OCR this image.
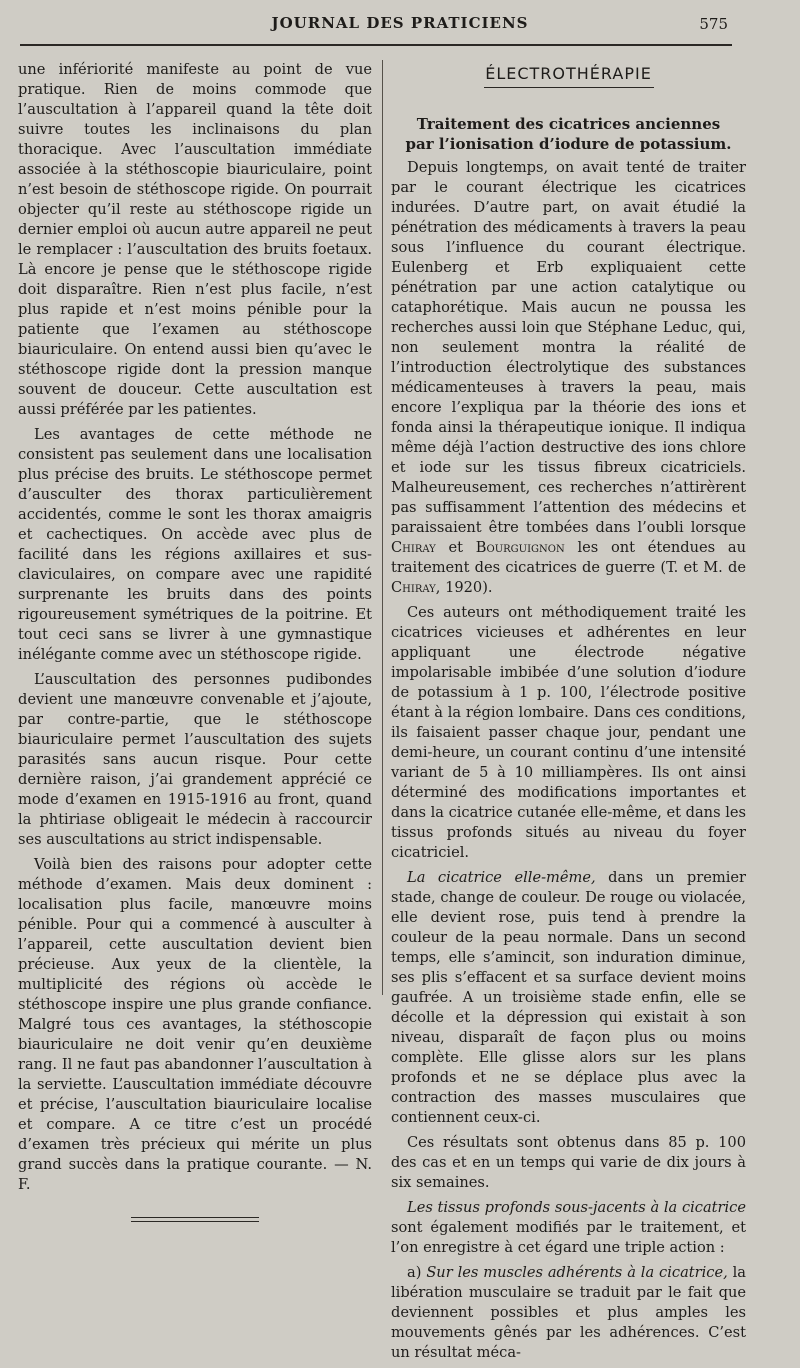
JOURNAL DES PRATICIENS	575

une infériorité manifeste au point de vue pratique. Rien de moins commode que l’auscultation à l’appareil quand la tête doit suivre toutes les inclinaisons du plan thoracique. Avec l’auscultation immédiate associée à la stéthoscopie biauriculaire, point n’est besoin de stéthoscope rigide. On pourrait objecter qu’il reste au stéthoscope rigide un dernier emploi où aucun autre appareil ne peut le remplacer : l’auscultation des bruits foetaux. Là encore je pense que le stéthoscope rigide doit disparaître. Rien n’est plus facile, n’est plus rapide et n’est moins pénible pour la patiente que l’examen au stéthoscope biauriculaire. On entend aussi bien qu’avec le stéthoscope rigide dont la pression manque souvent de douceur. Cette auscultation est aussi préférée par les patientes.

Les avantages de cette méthode ne consistent pas seulement dans une localisation plus précise des bruits. Le stéthoscope permet d’ausculter des thorax particulièrement accidentés, comme le sont les thorax amaigris et cachectiques. On accède avec plus de facilité dans les régions axillaires et sus-claviculaires, on compare avec une rapidité surprenante les bruits dans des points rigoureusement symétriques de la poitrine. Et tout ceci sans se livrer à une gymnastique inélégante comme avec un stéthoscope rigide.

L’auscultation des personnes pudibondes devient une manœuvre convenable et j’ajoute, par contre-partie, que le stéthoscope biauriculaire permet l’auscultation des sujets parasités sans aucun risque. Pour cette dernière raison, j’ai grandement apprécié ce mode d’examen en 1915-1916 au front, quand la phtiriase obligeait le médecin à raccourcir ses auscultations au strict indispensable.

Voilà bien des raisons pour adopter cette méthode d’examen. Mais deux dominent : localisation plus facile, manœuvre moins pénible. Pour qui a commencé à ausculter à l’appareil, cette auscultation devient bien précieuse. Aux yeux de la clientèle, la multiplicité des régions où accède le stéthoscope inspire une plus grande confiance. Malgré tous ces avantages, la stéthoscopie biauriculaire ne doit venir qu’en deuxième rang. Il ne faut pas abandonner l’auscultation à la serviette. L’auscultation immédiate découvre et précise, l’auscultation biauriculaire localise et compare. A ce titre c’est un procédé d’examen très précieux qui mérite un plus grand succès dans la pratique courante. — N. F.

ÉLECTROTHÉRAPIE
Traitement des cicatrices anciennes
par l’ionisation d’iodure de potassium.

Depuis longtemps, on avait tenté de traiter par le courant électrique les cicatrices indurées. D’autre part, on avait étudié la pénétration des médicaments à travers la peau sous l’influence du courant électrique. Eulenberg et Erb expliquaient cette pénétration par une action catalytique ou cataphorétique. Mais aucun ne poussa les recherches aussi loin que Stéphane Leduc, qui, non seulement montra la réalité de l’introduction électrolytique des substances médicamenteuses à travers la peau, mais encore l’expliqua par la théorie des ions et fonda ainsi la thérapeutique ionique. Il indiqua même déjà l’action destructive des ions chlore et iode sur les tissus fibreux cicatriciels. Malheureusement, ces recherches n’attirèrent pas suffisamment l’attention des médecins et paraissaient être tombées dans l’oubli lorsque Chiray et Bourguignon les ont étendues au traitement des cicatrices de guerre (T. et M. de Chiray, 1920).

Ces auteurs ont méthodiquement traité les cicatrices vicieuses et adhérentes en leur appliquant une électrode négative impolarisable imbibée d’une solution d’iodure de potassium à 1 p. 100, l’électrode positive étant à la région lombaire. Dans ces conditions, ils faisaient passer chaque jour, pendant une demi-heure, un courant continu d’une intensité variant de 5 à 10 milliampères. Ils ont ainsi déterminé des modifications importantes et dans la cicatrice cutanée elle-même, et dans les tissus profonds situés au niveau du foyer cicatriciel.

La cicatrice elle-même, dans un premier stade, change de couleur. De rouge ou violacée, elle devient rose, puis tend à prendre la couleur de la peau normale. Dans un second temps, elle s’amincit, son induration diminue, ses plis s’effacent et sa surface devient moins gaufrée. A un troisième stade enfin, elle se décolle et la dépression qui existait à son niveau, disparaît de façon plus ou moins complète. Elle glisse alors sur les plans profonds et ne se déplace plus avec la contraction des masses musculaires que contiennent ceux-ci.

Ces résultats sont obtenus dans 85 p. 100 des cas et en un temps qui varie de dix jours à six semaines.

Les tissus profonds sous-jacents à la cicatrice sont également modifiés par le traitement, et l’on enregistre à cet égard une triple action :

a) Sur les muscles adhérents à la cicatrice, la libération musculaire se traduit par le fait que deviennent possibles et plus amples les mouvements gênés par les adhérences. C’est un résultat méca-
